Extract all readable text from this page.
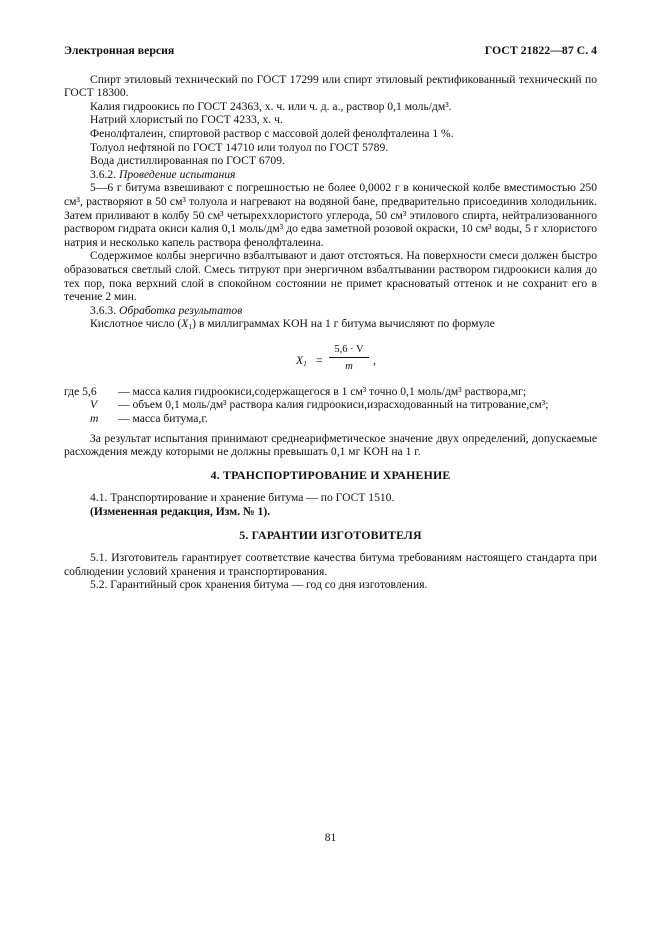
Электронная версия	ГОСТ 21822—87 С. 4

Спирт этиловый технический по ГОСТ 17299 или спирт этиловый ректификованный технический по ГОСТ 18300.

Калия гидроокись по ГОСТ 24363, х. ч. или ч. д. а., раствор 0,1 моль/дм³.

Натрий хлористый по ГОСТ 4233, х. ч.

Фенолфталеин, спиртовой раствор с массовой долей фенолфталеина 1 %.

Толуол нефтяной по ГОСТ 14710 или толуол по ГОСТ 5789.

Вода дистиллированная по ГОСТ 6709.

3.6.2. Проведение испытания

5—6 г битума взвешивают с погрешностью не более 0,0002 г в конической колбе вместимостью 250 см³, растворяют в 50 см³ толуола и нагревают на водяной бане, предварительно присоединив холодильник. Затем приливают в колбу 50 см³ четыреххлористого углерода, 50 см³ этилового спирта, нейтрализованного раствором гидрата окиси калия 0,1 моль/дм³ до едва заметной розовой окраски, 10 см³ воды, 5 г хлористого натрия и несколько капель раствора фенолфталеина.

Содержимое колбы энергично взбалтывают и дают отстояться. На поверхности смеси должен быстро образоваться светлый слой. Смесь титруют при энергичном взбалтывании раствором гидроокиси калия до тех пор, пока верхний слой в спокойном состоянии не примет красноватый оттенок и не сохранит его в течение 2 мин.

3.6.3. Обработка результатов

Кислотное число $(X_1)$ в миллиграммах KOH на 1 г битума вычисляют по формуле

$X_1$ =
5,6 · V
m	,
где 5,6	— масса калия гидроокиси,содержащегося в 1 см³ точно 0,1 моль/дм³ раствора,мг;
V	— объем 0,1 моль/дм³ раствора калия гидроокиси,израсходованный на титрование,см³;
m	— масса битума,г.

За результат испытания принимают среднеарифметическое значение двух определений, допускаемые расхождения между которыми не должны превышать 0,1 мг KOH на 1 г.

4. ТРАНСПОРТИРОВАНИЕ И ХРАНЕНИЕ

4.1. Транспортирование и хранение битума — по ГОСТ 1510.

(Измененная редакция, Изм. № 1).

5. ГАРАНТИИ ИЗГОТОВИТЕЛЯ

5.1. Изготовитель гарантирует соответствие качества битума требованиям настоящего стандарта при соблюдении условий хранения и транспортирования.

5.2. Гарантийный срок хранения битума — год со дня изготовления.

81
